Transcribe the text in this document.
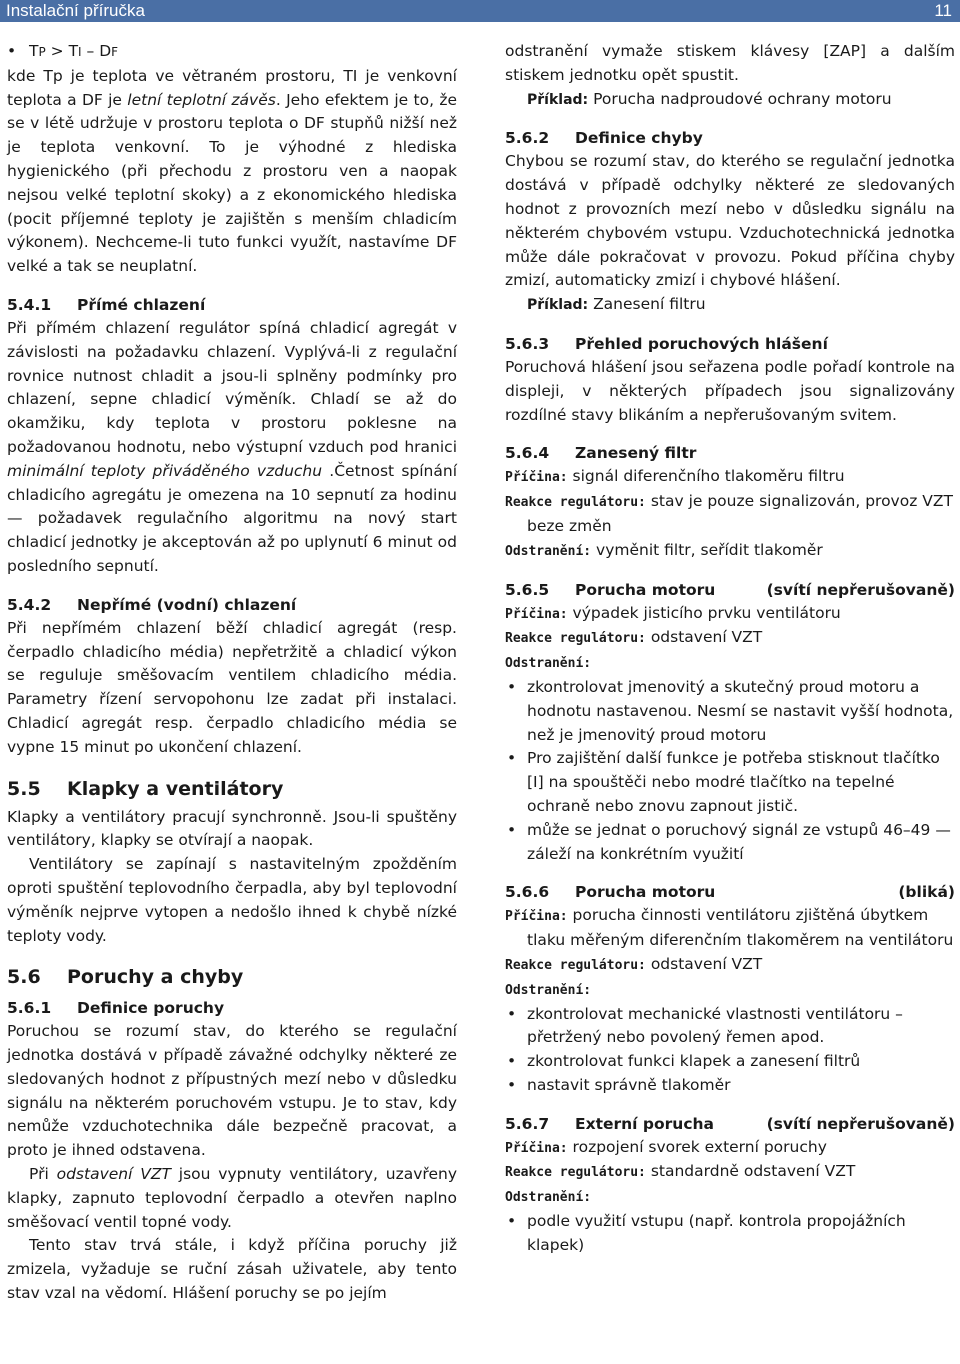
Instalační příručka	11
• TP > TI – DF

kde Tp je teplota ve větraném prostoru, TI je venkovní teplota a DF je letní teplotní závěs. Jeho efektem je to, že se v létě udržuje v prostoru teplota o DF stupňů nižší než je teplota venkovní. To je výhodné z hlediska hygienického (při přechodu z prostoru ven a naopak nejsou velké teplotní skoky) a z ekonomického hlediska (pocit příjemné teploty je zajištěn s menším chladicím výkonem). Nechceme-li tuto funkci využít, nastavíme DF velké a tak se neuplatní.

5.4.1 Přímé chlazení

Při přímém chlazení regulátor spíná chladicí agregát v závislosti na požadavku chlazení. Vyplývá-li z regulační rovnice nutnost chladit a jsou-li splněny podmínky pro chlazení, sepne chladicí výměník. Chladí se až do okamžiku, kdy teplota v prostoru poklesne na požadovanou hodnotu, nebo výstupní vzduch pod hranici minimální teploty přiváděného vzduchu .Četnost spínání chladicího agregátu je omezena na 10 sepnutí za hodinu — požadavek regulačního algoritmu na nový start chladicí jednotky je akceptován až po uplynutí 6 minut od posledního sepnutí.

5.4.2 Nepřímé (vodní) chlazení

Při nepřímém chlazení běží chladicí agregát (resp. čerpadlo chladicího média) nepřetržitě a chladicí výkon se reguluje směšovacím ventilem chladicího média. Parametry řízení servopohonu lze zadat při instalaci. Chladicí agregát resp. čerpadlo chladicího média se vypne 15 minut po ukončení chlazení.

5.5 Klapky a ventilátory

Klapky a ventilátory pracují synchronně. Jsou-li spuštěny ventilátory, klapky se otvírají a naopak.

Ventilátory se zapínají s nastavitelným zpožděním oproti spuštění teplovodního čerpadla, aby byl teplovodní výměník nejprve vytopen a nedošlo ihned k chybě nízké teploty vody.

5.6 Poruchy a chyby
5.6.1 Definice poruchy

Poruchou se rozumí stav, do kterého se regulační jednotka dostává v případě závažné odchylky některé ze sledovaných hodnot z přípustných mezí nebo v důsledku signálu na některém poruchovém vstupu. Je to stav, kdy nemůže vzduchotechnika dále bezpečně pracovat, a proto je ihned odstavena.

Při odstavení VZT jsou vypnuty ventilátory, uzavřeny klapky, zapnuto teplovodní čerpadlo a otevřen naplno směšovací ventil topné vody.

Tento stav trvá stále, i když příčina poruchy již zmizela, vyžaduje se ruční zásah uživatele, aby tento stav vzal na vědomí. Hlášení poruchy se po jejím

odstranění vymaže stiskem klávesy [ZAP] a dalším stiskem jednotku opět spustit.

Příklad: Porucha nadproudové ochrany motoru

5.6.2 Definice chyby

Chybou se rozumí stav, do kterého se regulační jednotka dostává v případě odchylky některé ze sledovaných hodnot z provozních mezí nebo v důsledku signálu na některém chybovém vstupu. Vzduchotechnická jednotka může dále pokračovat v provozu. Pokud příčina chyby zmizí, automaticky zmizí i chybové hlášení.

Příklad: Zanesení filtru

5.6.3 Přehled poruchových hlášení

Poruchová hlášení jsou seřazena podle pořadí kontrole na displeji, v některých případech jsou signalizovány rozdílné stavy blikáním a nepřerušovaným svitem.

5.6.4 Zanesený filtr

Příčina: signál diferenčního tlakoměru filtru

Reakce regulátoru: stav je pouze signalizován, provoz VZT beze změn

Odstranění: vyměnit filtr, seřídit tlakoměr

5.6.5 Porucha motoru	(svítí nepřerušovaně)

Příčina: výpadek jisticího prvku ventilátoru

Reakce regulátoru: odstavení VZT

Odstranění:

• zkontrolovat jmenovitý a skutečný proud motoru a hodnotu nastavenou. Nesmí se nastavit vyšší hodnota, než je jmenovitý proud motoru
• Pro zajištění další funkce je potřeba stisknout tlačítko [I] na spouštěči nebo modré tlačítko na tepelné ochraně nebo znovu zapnout jistič.
• může se jednat o poruchový signál ze vstupů 46–49 — záleží na konkrétním využití
5.6.6 Porucha motoru	(bliká)

Příčina: porucha činnosti ventilátoru zjištěná úbytkem tlaku měřeným diferenčním tlakoměrem na ventilátoru

Reakce regulátoru: odstavení VZT

Odstranění:

• zkontrolovat mechanické vlastnosti ventilátoru – přetržený nebo povolený řemen apod.
• zkontrolovat funkci klapek a zanesení filtrů
• nastavit správně tlakoměr
5.6.7 Externí porucha	(svítí nepřerušovaně)

Příčina: rozpojení svorek externí poruchy

Reakce regulátoru: standardně odstavení VZT

Odstranění:

• podle využití vstupu (např. kontrola propojážních klapek)
